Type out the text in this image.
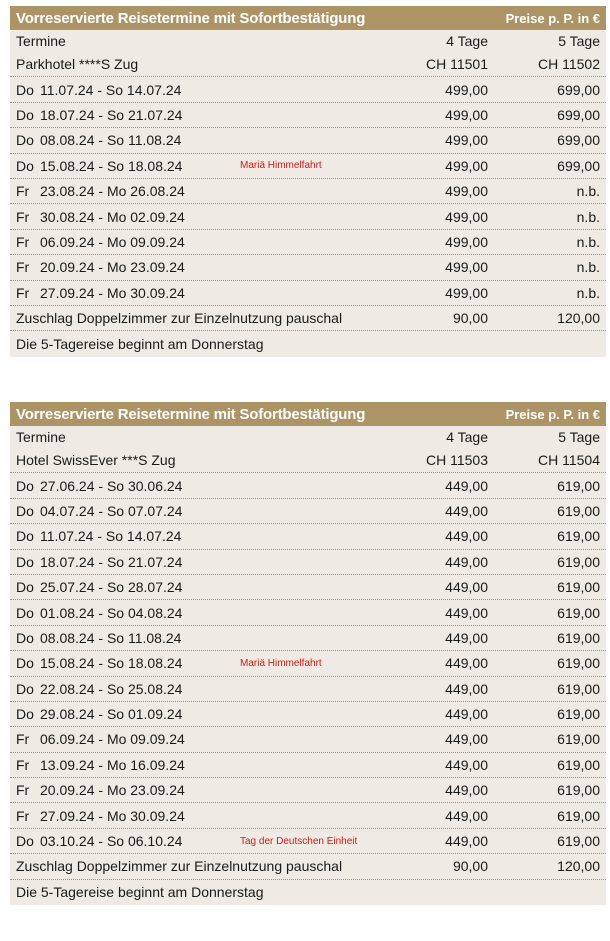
Vorreservierte Reisetermine mit Sofortbestätigung	Preise p. P. in €
Termine	4 Tage	5 Tage
Parkhotel ****S Zug	CH 11501	CH 11502
Do 11.07.24 - So 14.07.24	499,00	699,00
Do 18.07.24 - So 21.07.24	499,00	699,00
Do 08.08.24 - So 11.08.24	499,00	699,00
Do 15.08.24 - So 18.08.24	Mariä Himmelfahrt	499,00	699,00
Fr 23.08.24 - Mo 26.08.24	499,00	n.b.
Fr 30.08.24 - Mo 02.09.24	499,00	n.b.
Fr 06.09.24 - Mo 09.09.24	499,00	n.b.
Fr 20.09.24 - Mo 23.09.24	499,00	n.b.
Fr 27.09.24 - Mo 30.09.24	499,00	n.b.
Zuschlag Doppelzimmer zur Einzelnutzung pauschal	90,00	120,00
Die 5-Tagereise beginnt am Donnerstag
Vorreservierte Reisetermine mit Sofortbestätigung	Preise p. P. in €
Termine	4 Tage	5 Tage
Hotel SwissEver ***S Zug	CH 11503	CH 11504
Do 27.06.24 - So 30.06.24	449,00	619,00
Do 04.07.24 - So 07.07.24	449,00	619,00
Do 11.07.24 - So 14.07.24	449,00	619,00
Do 18.07.24 - So 21.07.24	449,00	619,00
Do 25.07.24 - So 28.07.24	449,00	619,00
Do 01.08.24 - So 04.08.24	449,00	619,00
Do 08.08.24 - So 11.08.24	449,00	619,00
Do 15.08.24 - So 18.08.24	Mariä Himmelfahrt	449,00	619,00
Do 22.08.24 - So 25.08.24	449,00	619,00
Do 29.08.24 - So 01.09.24	449,00	619,00
Fr 06.09.24 - Mo 09.09.24	449,00	619,00
Fr 13.09.24 - Mo 16.09.24	449,00	619,00
Fr 20.09.24 - Mo 23.09.24	449,00	619,00
Fr 27.09.24 - Mo 30.09.24	449,00	619,00
Do 03.10.24 - So 06.10.24	Tag der Deutschen Einheit	449,00	619,00
Zuschlag Doppelzimmer zur Einzelnutzung pauschal	90,00	120,00
Die 5-Tagereise beginnt am Donnerstag
